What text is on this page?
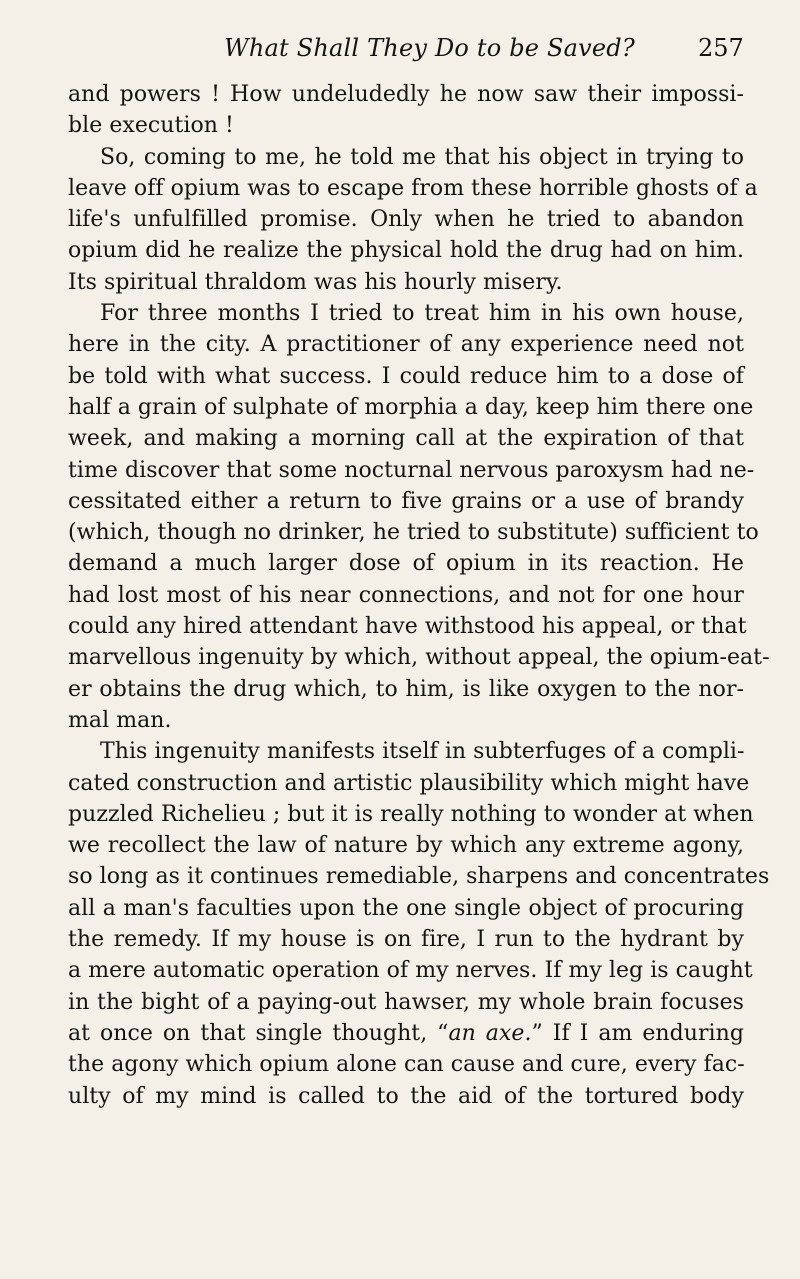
What Shall They Do to be Saved?	257
and powers ! How undeludedly he now saw their impossi-
ble execution !
So, coming to me, he told me that his object in trying to
leave off opium was to escape from these horrible ghosts of a
life's unfulfilled promise. Only when he tried to abandon
opium did he realize the physical hold the drug had on him.
Its spiritual thraldom was his hourly misery.
For three months I tried to treat him in his own house,
here in the city. A practitioner of any experience need not
be told with what success. I could reduce him to a dose of
half a grain of sulphate of morphia a day, keep him there one
week, and making a morning call at the expiration of that
time discover that some nocturnal nervous paroxysm had ne-
cessitated either a return to five grains or a use of brandy
(which, though no drinker, he tried to substitute) sufficient to
demand a much larger dose of opium in its reaction. He
had lost most of his near connections, and not for one hour
could any hired attendant have withstood his appeal, or that
marvellous ingenuity by which, without appeal, the opium-eat-
er obtains the drug which, to him, is like oxygen to the nor-
mal man.
This ingenuity manifests itself in subterfuges of a compli-
cated construction and artistic plausibility which might have
puzzled Richelieu ; but it is really nothing to wonder at when
we recollect the law of nature by which any extreme agony,
so long as it continues remediable, sharpens and concentrates
all a man's faculties upon the one single object of procuring
the remedy. If my house is on fire, I run to the hydrant by
a mere automatic operation of my nerves. If my leg is caught
in the bight of a paying-out hawser, my whole brain focuses
at once on that single thought, “an axe.” If I am enduring
the agony which opium alone can cause and cure, every fac-
ulty of my mind is called to the aid of the tortured body
